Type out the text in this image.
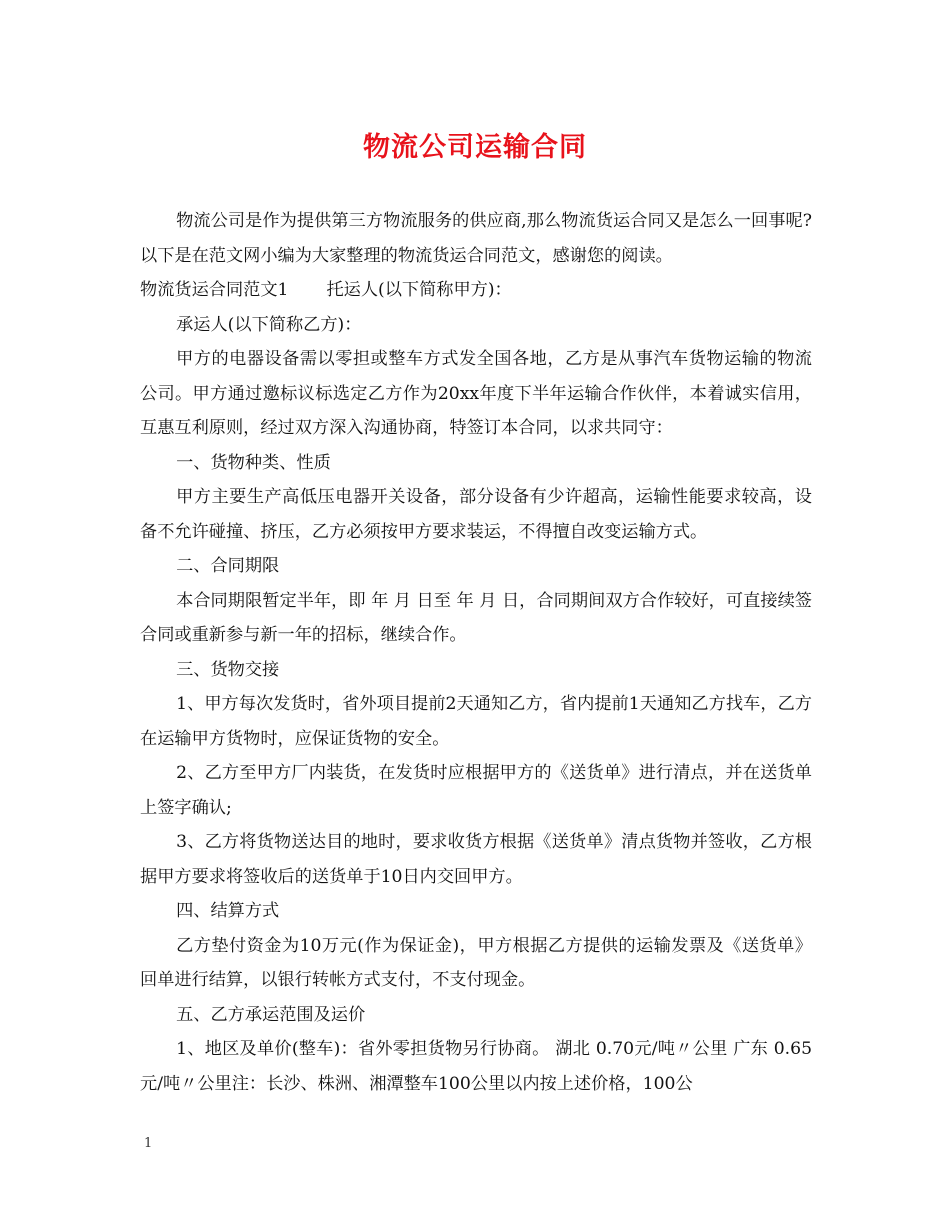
物流公司运输合同

物流公司是作为提供第三方物流服务的供应商,那么物流货运合同又是怎么一回事呢?以下是在范文网小编为大家整理的物流货运合同范文，感谢您的阅读。

物流货运合同范文1 托运人(以下简称甲方)：

承运人(以下简称乙方)：

甲方的电器设备需以零担或整车方式发全国各地，乙方是从事汽车货物运输的物流公司。甲方通过邀标议标选定乙方作为20xx年度下半年运输合作伙伴，本着诚实信用，互惠互利原则，经过双方深入沟通协商，特签订本合同，以求共同守：

一、货物种类、性质

甲方主要生产高低压电器开关设备，部分设备有少许超高，运输性能要求较高，设备不允许碰撞、挤压，乙方必须按甲方要求装运，不得擅自改变运输方式。

二、合同期限

本合同期限暂定半年，即 年 月 日至 年 月 日，合同期间双方合作较好，可直接续签合同或重新参与新一年的招标，继续合作。

三、货物交接

1、甲方每次发货时，省外项目提前2天通知乙方，省内提前1天通知乙方找车，乙方在运输甲方货物时，应保证货物的安全。

2、乙方至甲方厂内装货，在发货时应根据甲方的《送货单》进行清点，并在送货单上签字确认;

3、乙方将货物送达目的地时，要求收货方根据《送货单》清点货物并签收，乙方根据甲方要求将签收后的送货单于10日内交回甲方。

四、结算方式

乙方垫付资金为10万元(作为保证金)，甲方根据乙方提供的运输发票及《送货单》回单进行结算，以银行转帐方式支付，不支付现金。

五、乙方承运范围及运价

1、地区及单价(整车)：省外零担货物另行协商。 湖北 0.70元/吨〃公里 广东 0.65元/吨〃公里注：长沙、株洲、湘潭整车100公里以内按上述价格，100公

1
